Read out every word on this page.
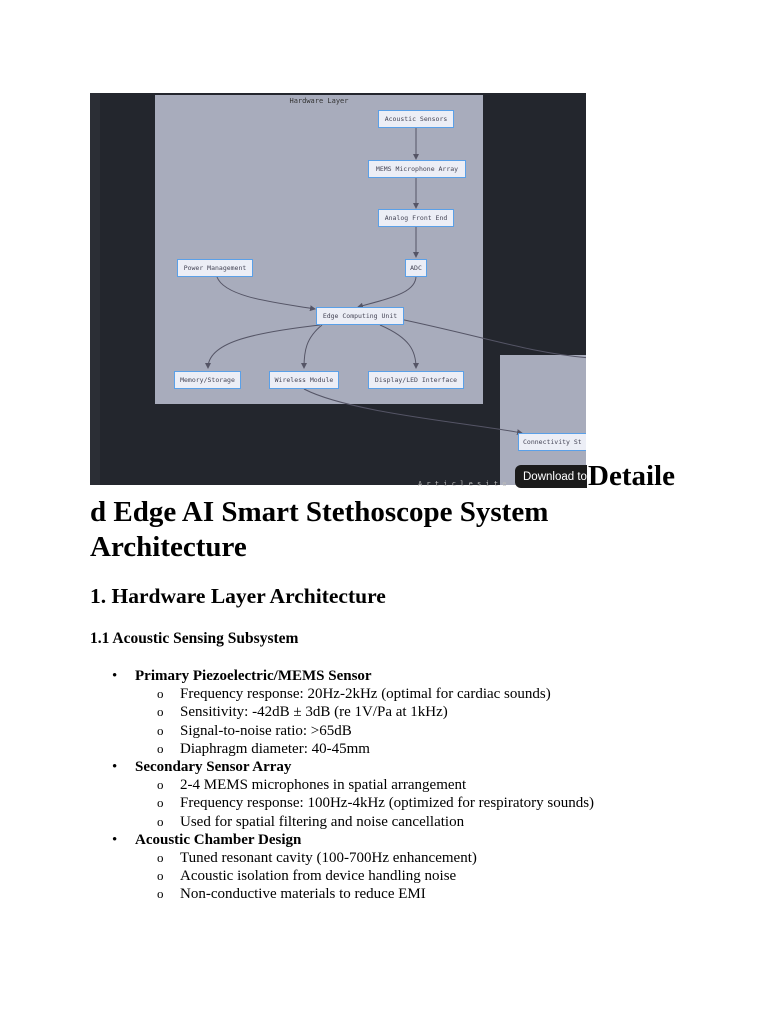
Hardware Layer
Acoustic Sensors
MEMS Microphone Array
Analog Front End
Power Management	ADC
Edge Computing Unit
Memory/Storage	Wireless Module	Display/LED Interface
Connectivity St
A r t i c l e s i t e
Download to Detaile
d Edge AI Smart Stethoscope System Architecture
1. Hardware Layer Architecture
1.1 Acoustic Sensing Subsystem
• Primary Piezoelectric/MEMS Sensor
o Frequency response: 20Hz-2kHz (optimal for cardiac sounds)
o Sensitivity: -42dB ± 3dB (re 1V/Pa at 1kHz)
o Signal-to-noise ratio: >65dB
o Diaphragm diameter: 40-45mm
• Secondary Sensor Array
o 2-4 MEMS microphones in spatial arrangement
o Frequency response: 100Hz-4kHz (optimized for respiratory sounds)
o Used for spatial filtering and noise cancellation
• Acoustic Chamber Design
o Tuned resonant cavity (100-700Hz enhancement)
o Acoustic isolation from device handling noise
o Non-conductive materials to reduce EMI
